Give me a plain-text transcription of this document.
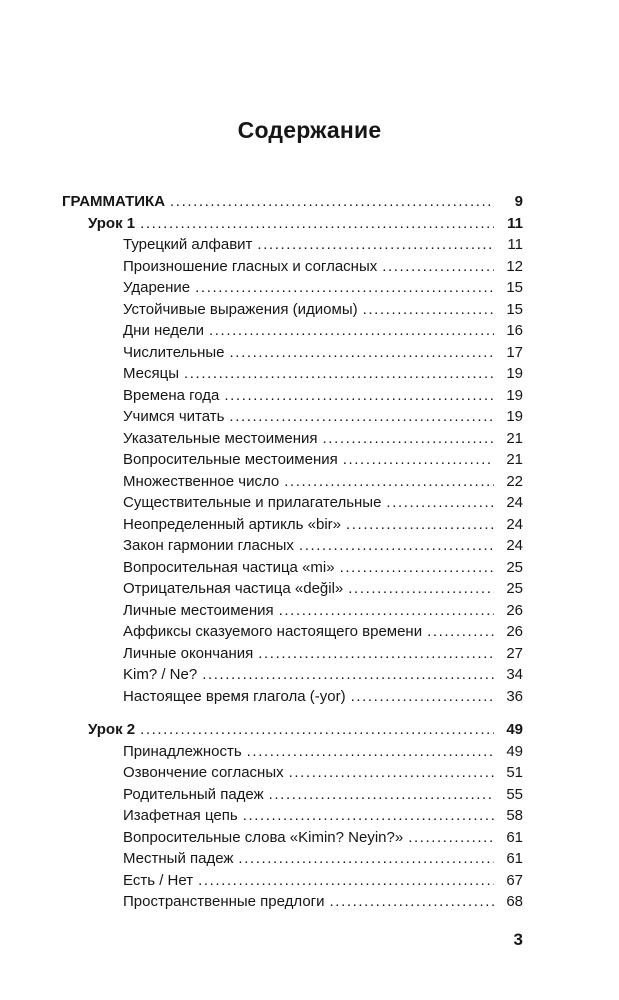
Содержание
ГРАММАТИКА .....	9
Урок 1 .....	11
Турецкий алфавит .....	11
Произношение гласных и согласных .....	12
Ударение .....	15
Устойчивые выражения (идиомы) .....	15
Дни недели .....	16
Числительные .....	17
Месяцы .....	19
Времена года .....	19
Учимся читать .....	19
Указательные местоимения .....	21
Вопросительные местоимения .....	21
Множественное число .....	22
Существительные и прилагательные .....	24
Неопределенный артикль «bir» .....	24
Закон гармонии гласных .....	24
Вопросительная частица «mi» .....	25
Отрицательная частица «değil» .....	25
Личные местоимения .....	26
Аффиксы сказуемого настоящего времени .....	26
Личные окончания .....	27
Kim? / Ne? .....	34
Настоящее время глагола (-yor) .....	36
Урок 2 .....	49
Принадлежность .....	49
Озвончение согласных .....	51
Родительный падеж .....	55
Изафетная цепь .....	58
Вопросительные слова «Kimin? Neyin?» .....	61
Местный падеж .....	61
Есть / Нет .....	67
Пространственные предлоги .....	68
3
